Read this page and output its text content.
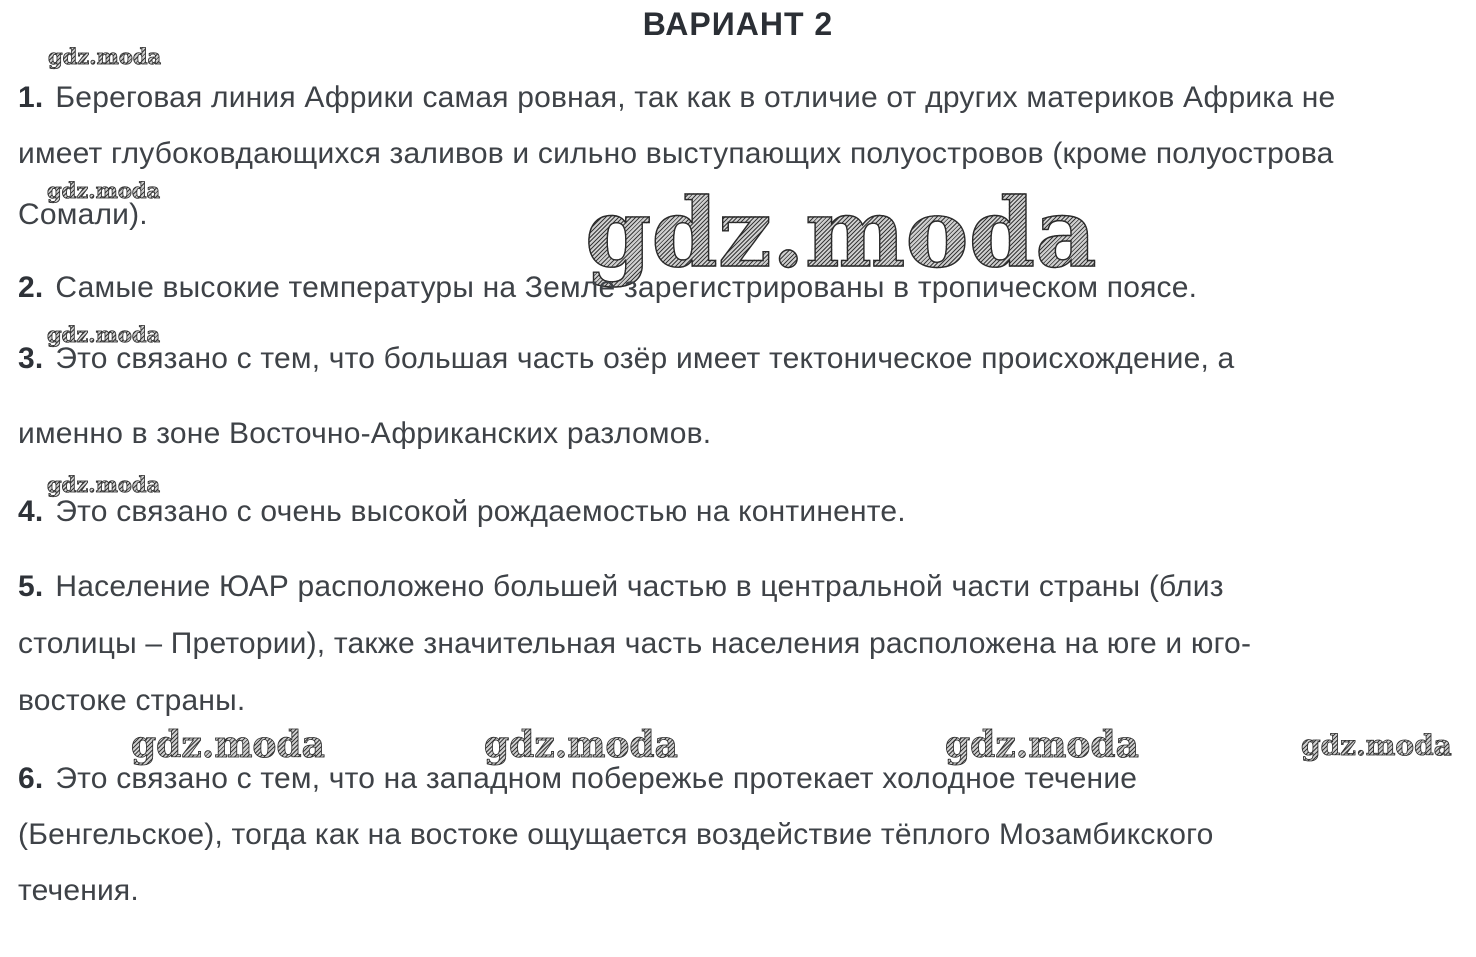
ВАРИАНТ 2
gdz.moda
1. Береговая линия Африки самая ровная, так как в отличие от других материков Африка не
имеет глубоковдающихся заливов и сильно выступающих полуостровов (кроме полуострова
gdz.moda
Сомали).	gdz.moda
2. Самые высокие температуры на Земле зарегистрированы в тропическом поясе.
gdz.moda
3. Это связано с тем, что большая часть озёр имеет тектоническое происхождение, а
именно в зоне Восточно-Африканских разломов.
gdz.moda
4. Это связано с очень высокой рождаемостью на континенте.
5. Население ЮАР расположено большей частью в центральной части страны (близ
столицы – Претории), также значительная часть населения расположена на юге и юго-
востоке страны.
gdz.moda	gdz.moda	gdz.moda	gdz.moda
6. Это связано с тем, что на западном побережье протекает холодное течение
(Бенгельское), тогда как на востоке ощущается воздействие тёплого Мозамбикского
течения.
